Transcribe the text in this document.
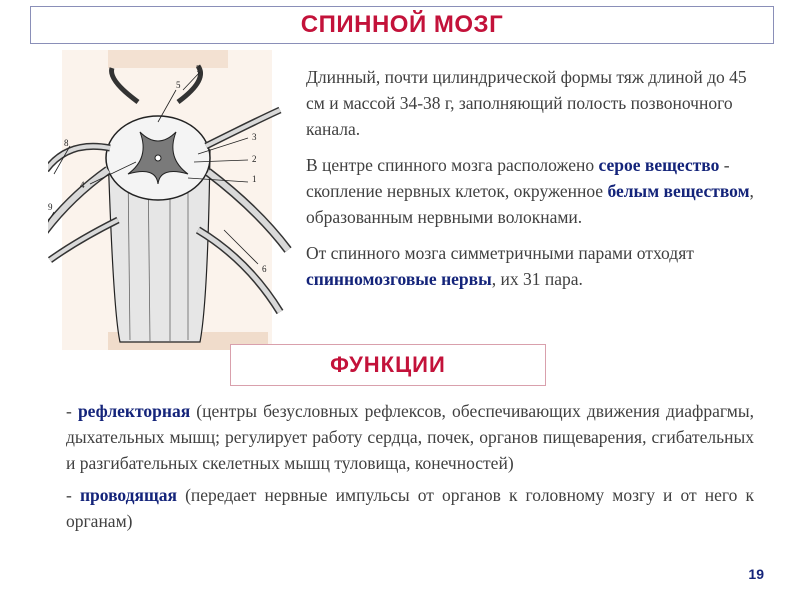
СПИННОЙ МОЗГ
1
2
3
4
5
6
7
8
9

Длинный, почти цилиндрической формы тяж длиной до 45 см и массой 34-38 г, заполняющий полость позвоночного канала.

В центре спинного мозга расположено серое вещество - скопление нервных клеток, окруженное белым веществом, образованным нервными волокнами.

От спинного мозга симметричными парами отходят спинномозговые нервы, их 31 пара.

ФУНКЦИИ

- рефлекторная (центры безусловных рефлексов, обеспечивающих движения диафрагмы, дыхательных мышц; регулирует работу сердца, почек, органов пищеварения, сгибательных и разгибательных скелетных мышц туловища, конечностей)

- проводящая (передает нервные импульсы от органов к головному мозгу и от него к органам)

19
